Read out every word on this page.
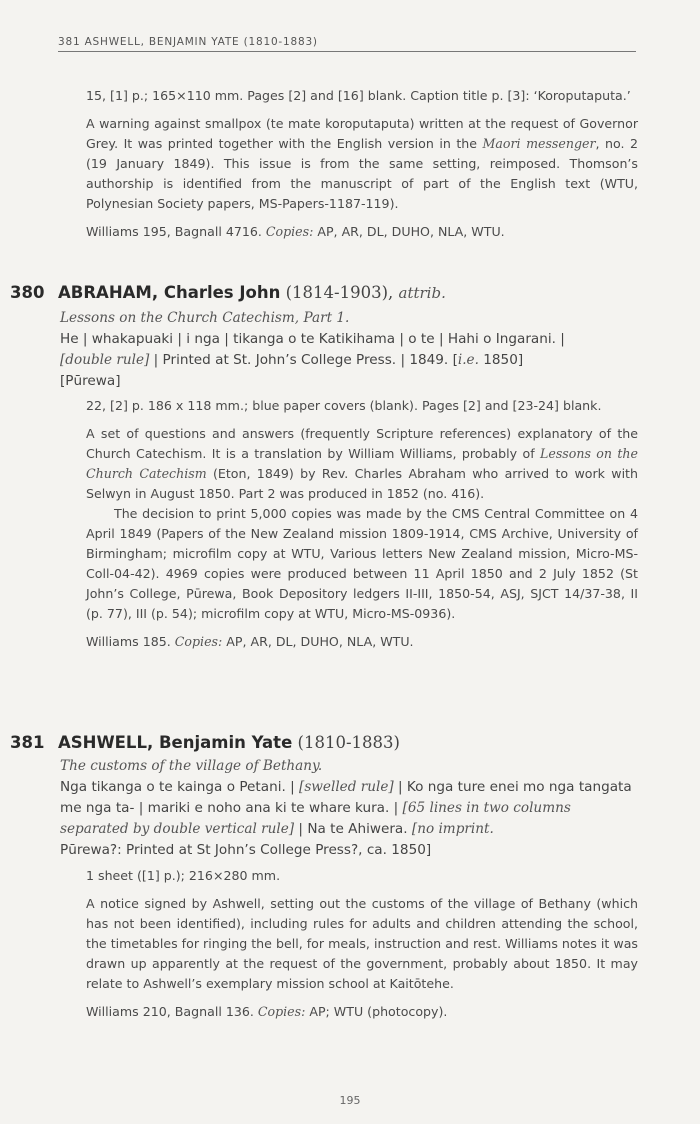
381 ASHWELL, BENJAMIN YATE (1810-1883)

15, [1] p.; 165×110 mm. Pages [2] and [16] blank. Caption title p. [3]: ‘Koroputaputa.’

A warning against smallpox (te mate koroputaputa) written at the request of Governor Grey. It was printed together with the English version in the Maori messenger, no. 2 (19 January 1849). This issue is from the same setting, reimposed. Thomson’s authorship is identified from the manuscript of part of the English text (WTU, Polynesian Society papers, MS-Papers-1187-119).

Williams 195, Bagnall 4716. Copies: AP, AR, DL, DUHO, NLA, WTU.

380 ABRAHAM, Charles John (1814-1903), attrib.
Lessons on the Church Catechism, Part 1.
He | whakapuaki | i nga | tikanga o te Katikihama | o te | Hahi o Ingarani. |
[double rule] | Printed at St. John’s College Press. | 1849. [i.e. 1850]
[Pūrewa]

22, [2] p. 186 x 118 mm.; blue paper covers (blank). Pages [2] and [23-24] blank.

A set of questions and answers (frequently Scripture references) explanatory of the Church Catechism. It is a translation by William Williams, probably of Lessons on the Church Catechism (Eton, 1849) by Rev. Charles Abraham who arrived to work with Selwyn in August 1850. Part 2 was produced in 1852 (no. 416).

The decision to print 5,000 copies was made by the CMS Central Committee on 4 April 1849 (Papers of the New Zealand mission 1809-1914, CMS Archive, University of Birmingham; microfilm copy at WTU, Various letters New Zealand mission, Micro-MS-Coll-04-42). 4969 copies were produced between 11 April 1850 and 2 July 1852 (St John’s College, Pūrewa, Book Depository ledgers II-III, 1850-54, ASJ, SJCT 14/37-38, II (p. 77), III (p. 54); microfilm copy at WTU, Micro-MS-0936).

Williams 185. Copies: AP, AR, DL, DUHO, NLA, WTU.

381 ASHWELL, Benjamin Yate (1810-1883)
The customs of the village of Bethany.
Nga tikanga o te kainga o Petani. | [swelled rule] | Ko nga ture enei mo nga tangata me nga ta- | mariki e noho ana ki te whare kura. | [65 lines in two columns separated by double vertical rule] | Na te Ahiwera. [no imprint.
Pūrewa?: Printed at St John’s College Press?, ca. 1850]

1 sheet ([1] p.); 216×280 mm.

A notice signed by Ashwell, setting out the customs of the village of Bethany (which has not been identified), including rules for adults and children attending the school, the timetables for ringing the bell, for meals, instruction and rest. Williams notes it was drawn up apparently at the request of the government, probably about 1850. It may relate to Ashwell’s exemplary mission school at Kaitōtehe.

Williams 210, Bagnall 136. Copies: AP; WTU (photocopy).

195
